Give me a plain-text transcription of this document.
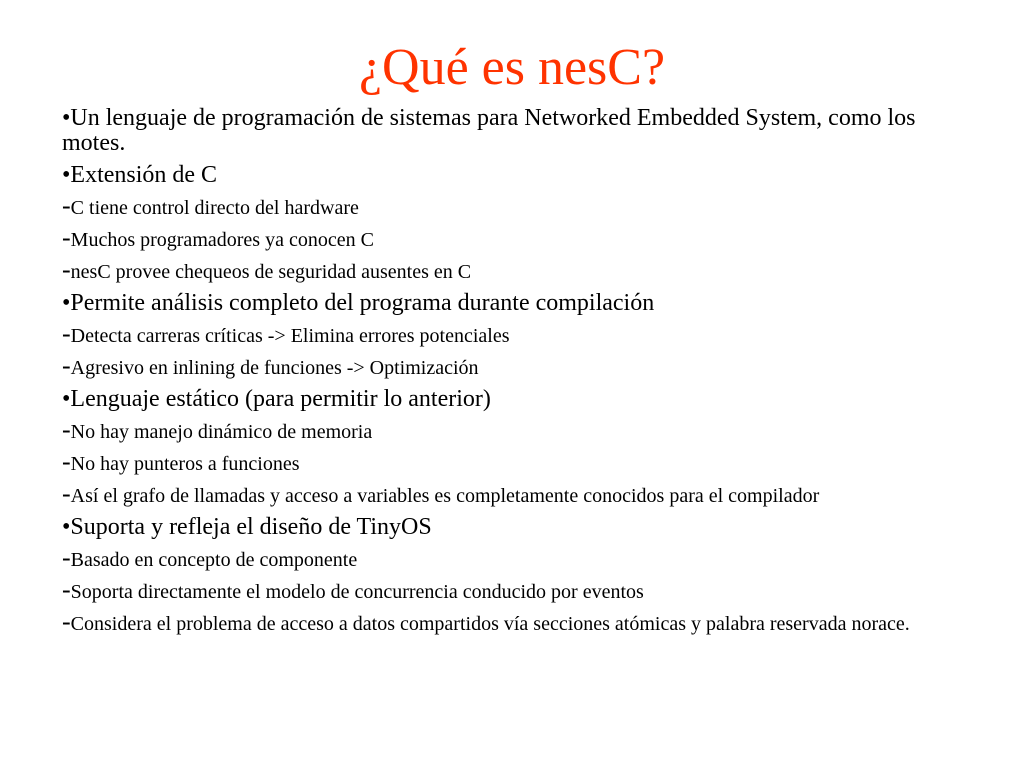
¿Qué es nesC?

•Un lenguaje de programación de sistemas para Networked Embedded System, como los motes.

•Extensión de C

-C tiene control directo del hardware

-Muchos programadores ya conocen C

-nesC provee chequeos de seguridad ausentes en C

•Permite análisis completo del programa durante compilación

-Detecta carreras críticas -> Elimina errores potenciales

-Agresivo en inlining de funciones -> Optimización

•Lenguaje estático (para permitir lo anterior)

-No hay manejo dinámico de memoria

-No hay punteros a funciones

-Así el grafo de llamadas y acceso a variables es completamente conocidos para el compilador

•Suporta y refleja el diseño de TinyOS

-Basado en concepto de componente

-Soporta directamente el modelo de concurrencia conducido por eventos

-Considera el problema de acceso a datos compartidos vía secciones atómicas y palabra reservada norace.
